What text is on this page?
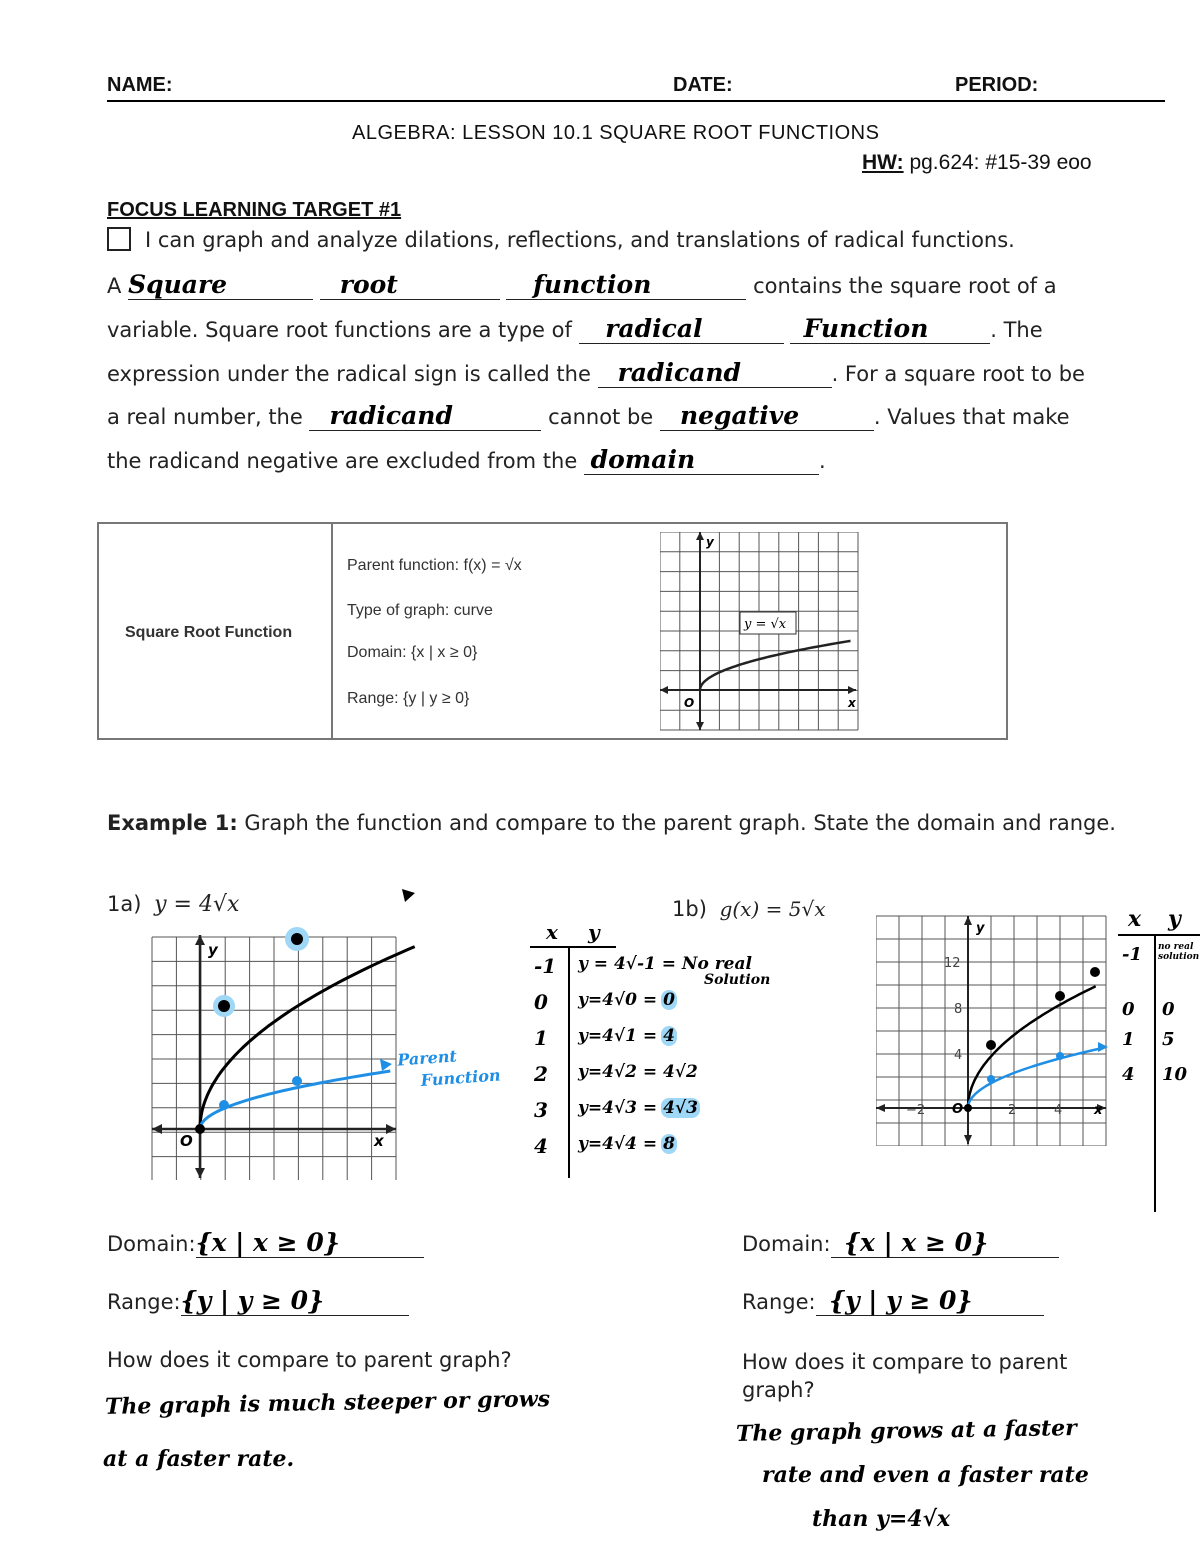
NAME:	DATE:	PERIOD:
ALGEBRA: LESSON 10.1 SQUARE ROOT FUNCTIONS
HW: pg.624: #15-39 eoo
FOCUS LEARNING TARGET #1
I can graph and analyze dilations, reflections, and translations of radical functions.
A Square	root	function	contains the square root of a
variable. Square root functions are a type of radical	Function	. The
expression under the radical sign is called the radicand	. For a square root to be
a real number, the radicand	cannot be negative	. Values that make
the radicand negative are excluded from the domain	.
Square Root Function
Parent function: f(x) = √x
Type of graph: curve
Domain: {x | x ≥ 0}
Range: {y | y ≥ 0}
y = √x
y
x
O
Example 1: Graph the function and compare to the parent graph. State the domain and range.
1a) y = 4√x
y
x
O
Parent
Function
x y
-1 y = 4√-1 = No real
Solution
0 y=4√0 = 0
1 y=4√1 = 4
2 y=4√2 = 4√2
3 y=4√3 = 4√3
4 y=4√4 = 8
Domain:{x | x ≥ 0}
Range:{y | y ≥ 0}
How does it compare to parent graph?
The graph is much steeper or grows
at a faster rate.
1b) g(x) = 5√x
y
x
12
8
4
−2	2	4
O
x y
-1 no real solution
0 0
1 5
4 10
Domain: {x | x ≥ 0}
Range: {y | y ≥ 0}
How does it compare to parent
graph?
The graph grows at a faster
rate and even a faster rate
than y=4√x
